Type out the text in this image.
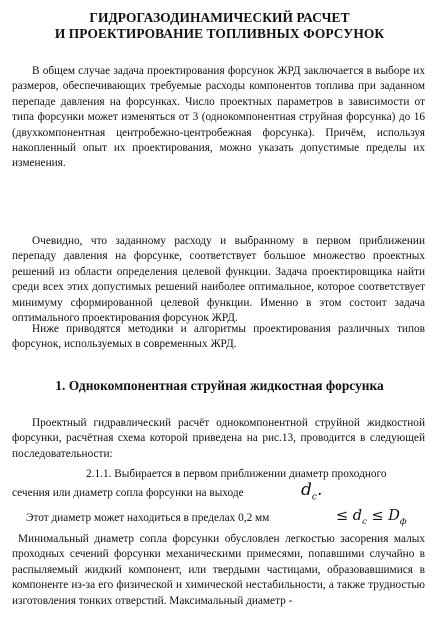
ГИДРОГАЗОДИНАМИЧЕСКИЙ РАСЧЕТ
И ПРОЕКТИРОВАНИЕ ТОПЛИВНЫХ ФОРСУНОК

В общем случае задача проектирования форсунок ЖРД заключается в выборе их размеров, обеспечивающих требуемые расходы компонентов топлива при заданном перепаде давления на форсунках. Число проектных параметров в зависимости от типа форсунки может изменяться от 3 (однокомпонентная струйная форсунка) до 16 (двухкомпонентная центробежно-центробежная форсунка). Причём, используя накопленный опыт их проектирования, можно указать допустимые пределы их изменения.

Очевидно, что заданному расходу и выбранному в первом приближении перепаду давления на форсунке, соответствует большое множество проектных решений из области определения целевой функции. Задача проектировщика найти среди всех этих допустимых решений наиболее оптимальное, которое соответствует минимуму сформированной целевой функции. Именно в этом состоит задача оптимального проектирования форсунок ЖРД.

Ниже приводятся методики и алгоритмы проектирования различных типов форсунок, используемых в современных ЖРД.

1. Однокомпонентная струйная жидкостная форсунка

Проектный гидравлический расчёт однокомпонентной струйной жидкостной форсунки, расчётная схема которой приведена на рис.13, проводится в следующей последовательности:

2.1.1. Выбирается в первом приближении диаметр проходного
сечения или диаметр сопла форсунки на выходе	$d_c$.
Этот диаметр может находиться в пределах 0,2 мм	≤ $d_c \le D_ф$

Минимальный диаметр сопла форсунки обусловлен легкостью засорения малых проходных сечений форсунки механическими примесями, попавшими случайно в распыляемый жидкий компонент, или твердыми частицами, образовавшимися в компоненте из-за его физической и химической нестабильности, а также трудностью изготовления тонких отверстий. Максимальный диаметр -
